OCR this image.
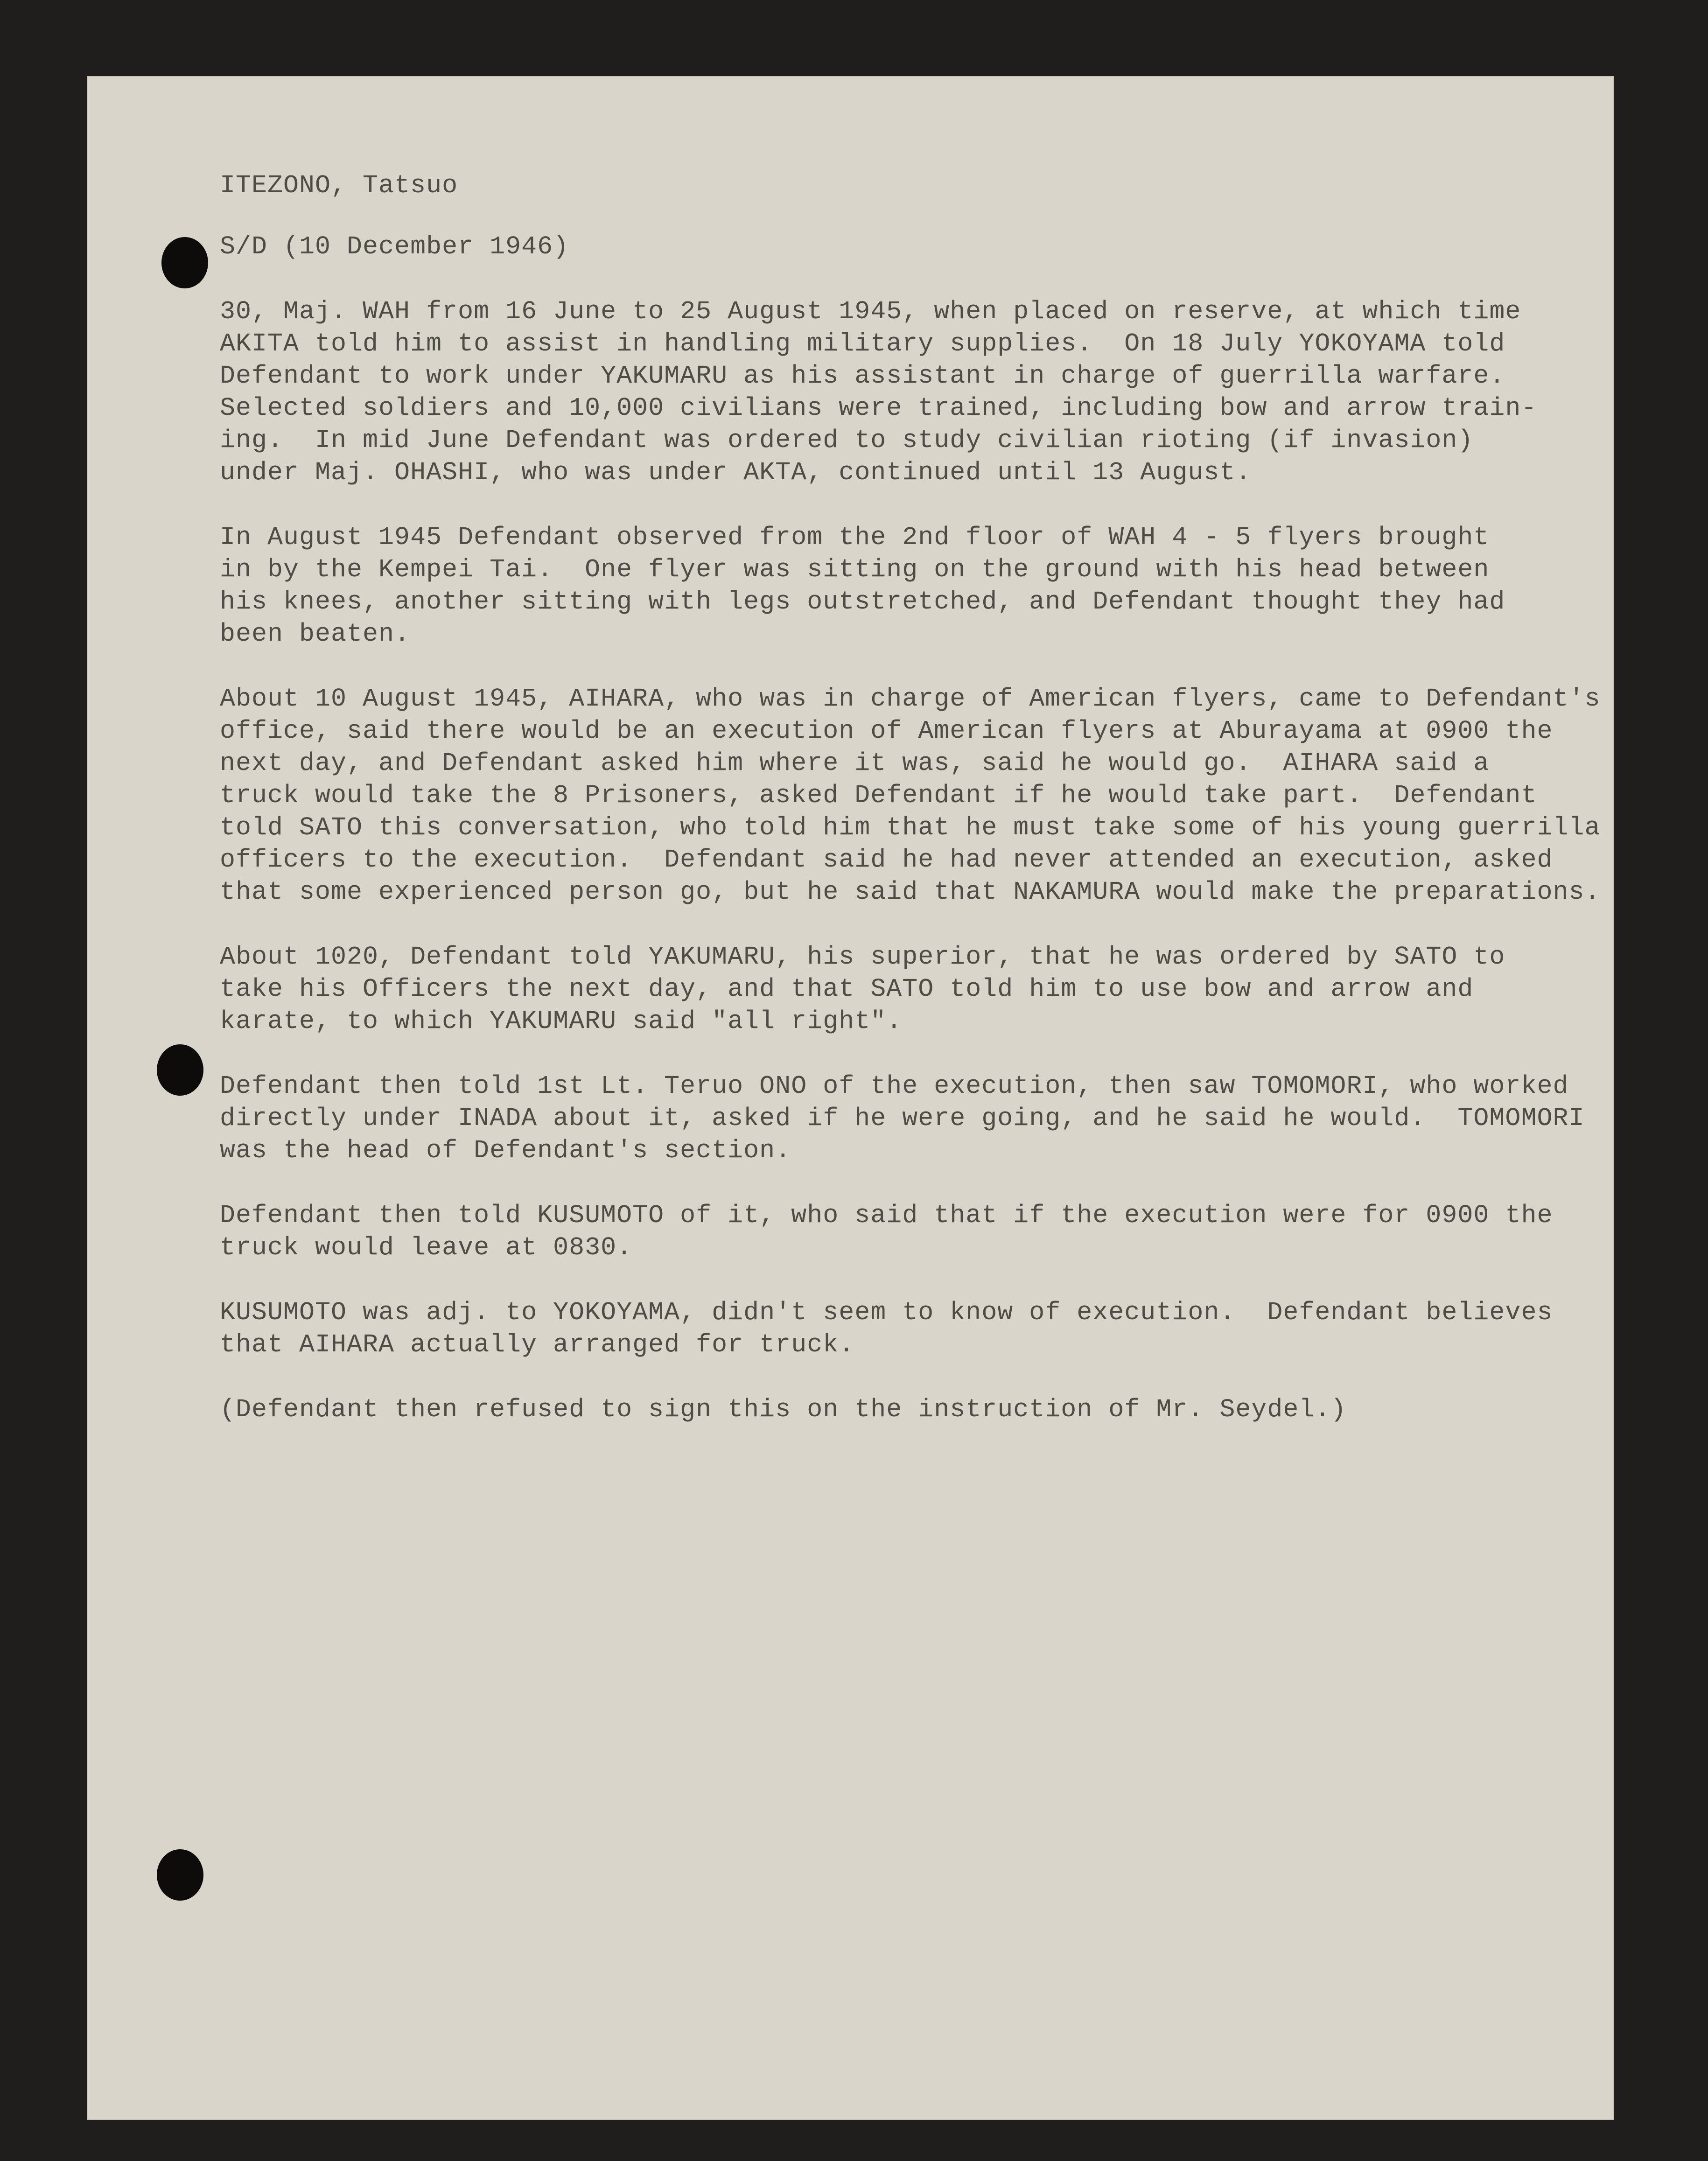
ITEZONO, Tatsuo
S/D (10 December 1946)
30, Maj. WAH from 16 June to 25 August 1945, when placed on reserve, at which time
AKITA told him to assist in handling military supplies.  On 18 July YOKOYAMA told
Defendant to work under YAKUMARU as his assistant in charge of guerrilla warfare.
Selected soldiers and 10,000 civilians were trained, including bow and arrow train-
ing.  In mid June Defendant was ordered to study civilian rioting (if invasion)
under Maj. OHASHI, who was under AKTA, continued until 13 August.
In August 1945 Defendant observed from the 2nd floor of WAH 4 - 5 flyers brought
in by the Kempei Tai.  One flyer was sitting on the ground with his head between
his knees, another sitting with legs outstretched, and Defendant thought they had
been beaten.
About 10 August 1945, AIHARA, who was in charge of American flyers, came to Defendant's
office, said there would be an execution of American flyers at Aburayama at 0900 the
next day, and Defendant asked him where it was, said he would go.  AIHARA said a
truck would take the 8 Prisoners, asked Defendant if he would take part.  Defendant
told SATO this conversation, who told him that he must take some of his young guerrilla
officers to the execution.  Defendant said he had never attended an execution, asked
that some experienced person go, but he said that NAKAMURA would make the preparations.
About 1020, Defendant told YAKUMARU, his superior, that he was ordered by SATO to
take his Officers the next day, and that SATO told him to use bow and arrow and
karate, to which YAKUMARU said "all right".
Defendant then told 1st Lt. Teruo ONO of the execution, then saw TOMOMORI, who worked
directly under INADA about it, asked if he were going, and he said he would.  TOMOMORI
was the head of Defendant's section.
Defendant then told KUSUMOTO of it, who said that if the execution were for 0900 the
truck would leave at 0830.
KUSUMOTO was adj. to YOKOYAMA, didn't seem to know of execution.  Defendant believes
that AIHARA actually arranged for truck.
(Defendant then refused to sign this on the instruction of Mr. Seydel.)
